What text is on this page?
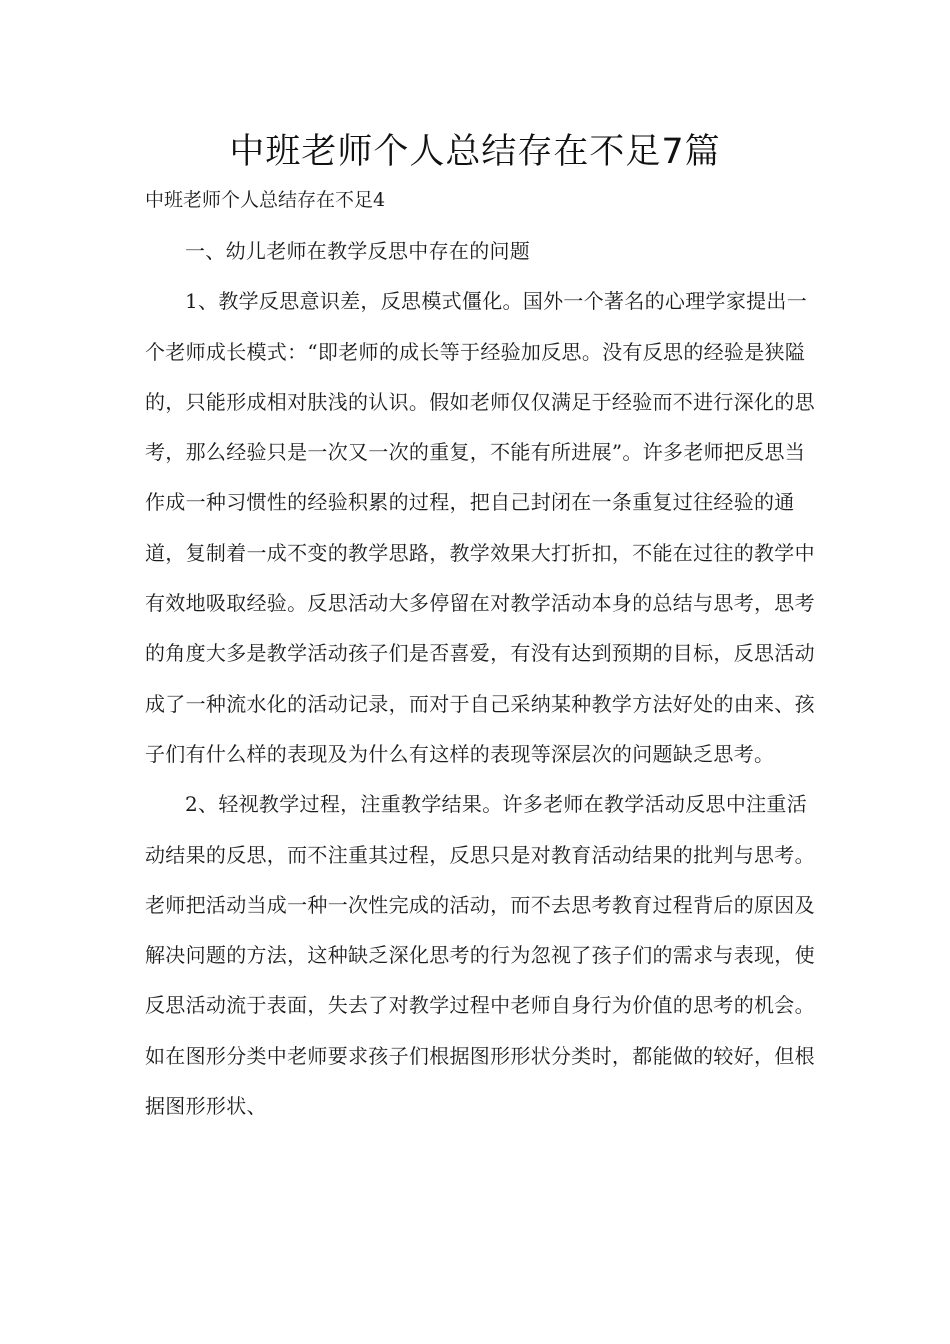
中班老师个人总结存在不足7篇

中班老师个人总结存在不足4

一、幼儿老师在教学反思中存在的问题

1、教学反思意识差，反思模式僵化。国外一个著名的心理学家提出一个老师成长模式：“即老师的成长等于经验加反思。没有反思的经验是狭隘的，只能形成相对肤浅的认识。假如老师仅仅满足于经验而不进行深化的思考，那么经验只是一次又一次的重复，不能有所进展”。许多老师把反思当作成一种习惯性的经验积累的过程，把自己封闭在一条重复过往经验的通道，复制着一成不变的教学思路，教学效果大打折扣，不能在过往的教学中有效地吸取经验。反思活动大多停留在对教学活动本身的总结与思考，思考的角度大多是教学活动孩子们是否喜爱，有没有达到预期的目标，反思活动成了一种流水化的活动记录，而对于自己采纳某种教学方法好处的由来、孩子们有什么样的表现及为什么有这样的表现等深层次的问题缺乏思考。

2、轻视教学过程，注重教学结果。许多老师在教学活动反思中注重活动结果的反思，而不注重其过程，反思只是对教育活动结果的批判与思考。老师把活动当成一种一次性完成的活动，而不去思考教育过程背后的原因及解决问题的方法，这种缺乏深化思考的行为忽视了孩子们的需求与表现，使反思活动流于表面，失去了对教学过程中老师自身行为价值的思考的机会。如在图形分类中老师要求孩子们根据图形形状分类时，都能做的较好，但根据图形形状、
